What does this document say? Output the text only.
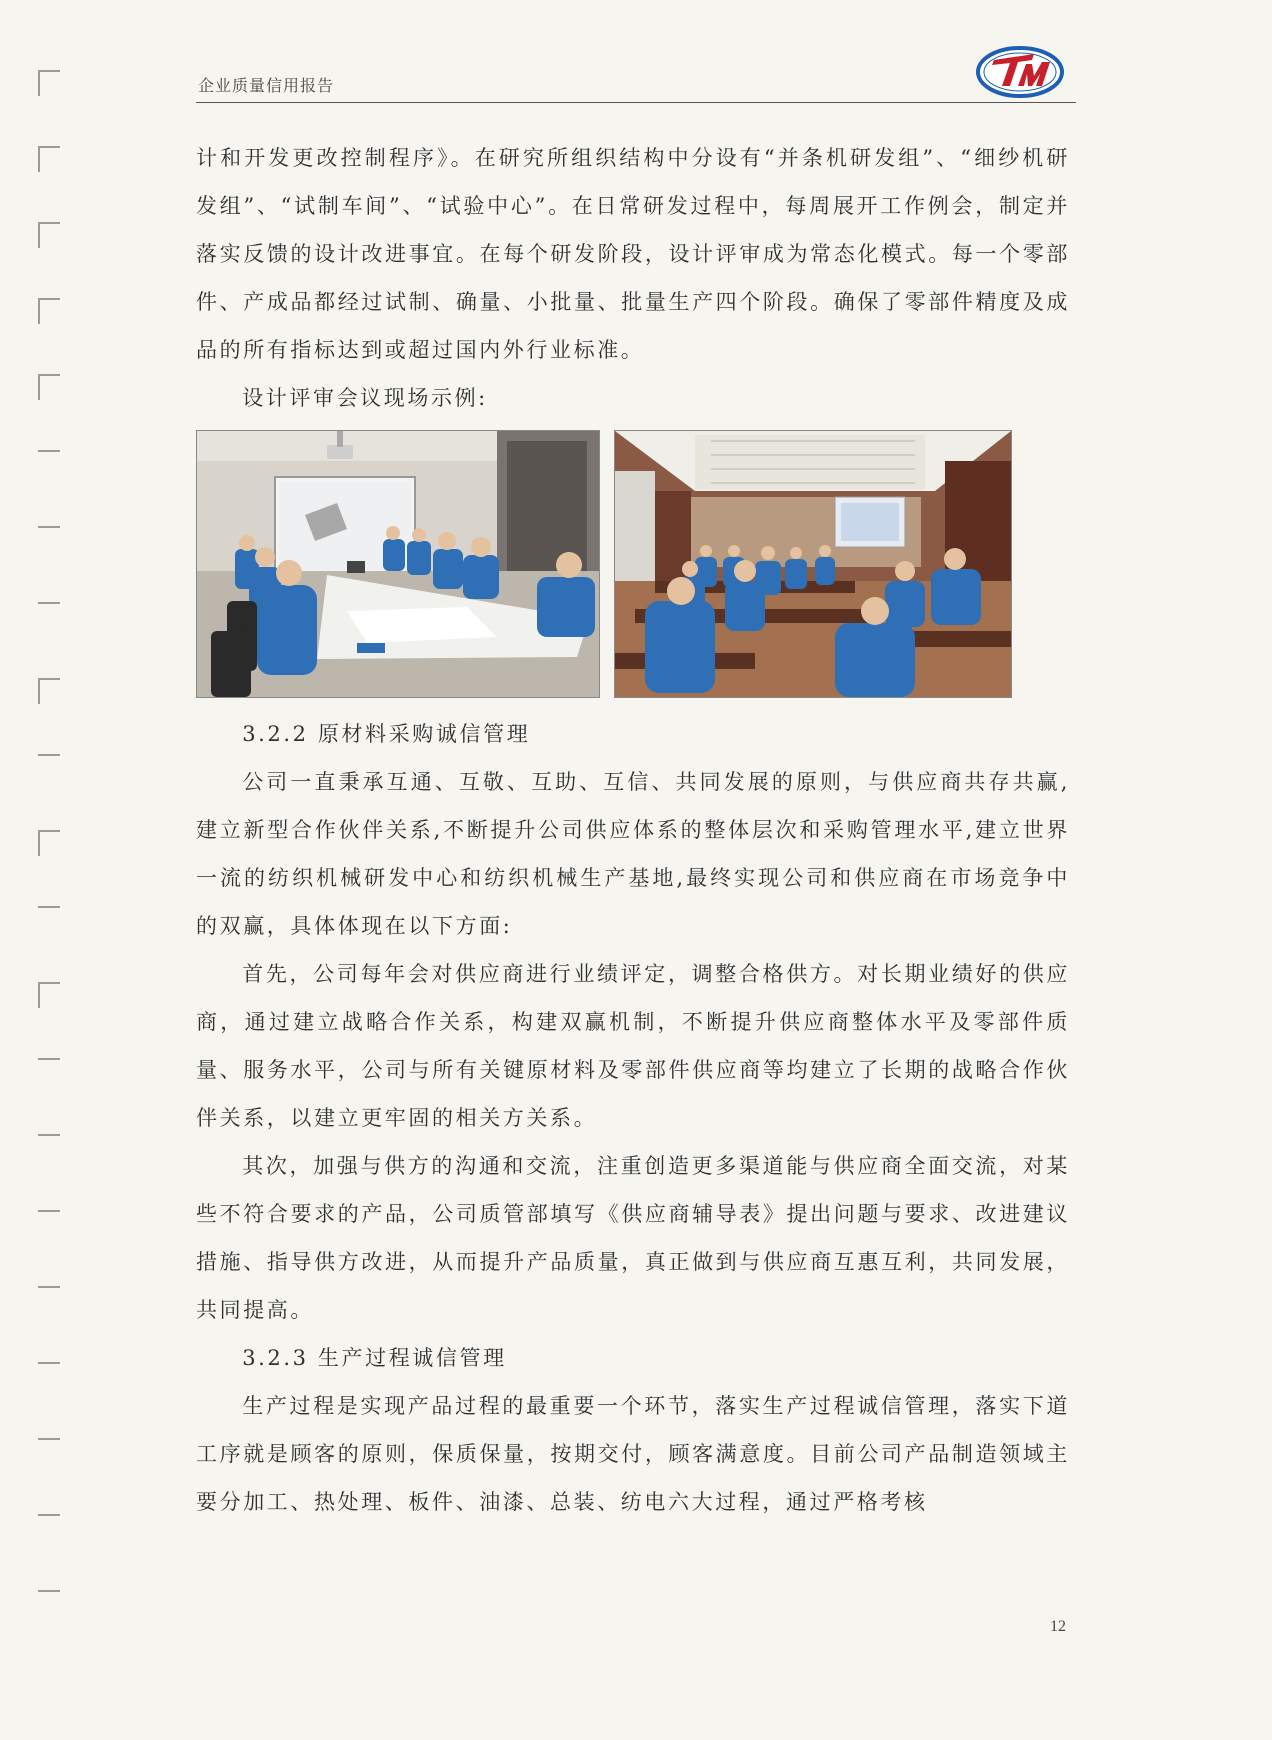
企业质量信用报告

计和开发更改控制程序》。在研究所组织结构中分设有“并条机研发组”、“细纱机研发组”、“试制车间”、“试验中心”。在日常研发过程中，每周展开工作例会，制定并落实反馈的设计改进事宜。在每个研发阶段，设计评审成为常态化模式。每一个零部件、产成品都经过试制、确量、小批量、批量生产四个阶段。确保了零部件精度及成品的所有指标达到或超过国内外行业标准。

设计评审会议现场示例:

3.2.2 原材料采购诚信管理

公司一直秉承互通、互敬、互助、互信、共同发展的原则，与供应商共存共赢,建立新型合作伙伴关系,不断提升公司供应体系的整体层次和采购管理水平,建立世界一流的纺织机械研发中心和纺织机械生产基地,最终实现公司和供应商在市场竞争中的双赢，具体体现在以下方面:

首先，公司每年会对供应商进行业绩评定，调整合格供方。对长期业绩好的供应商，通过建立战略合作关系，构建双赢机制，不断提升供应商整体水平及零部件质量、服务水平，公司与所有关键原材料及零部件供应商等均建立了长期的战略合作伙伴关系，以建立更牢固的相关方关系。

其次，加强与供方的沟通和交流，注重创造更多渠道能与供应商全面交流，对某些不符合要求的产品，公司质管部填写《供应商辅导表》提出问题与要求、改进建议措施、指导供方改进，从而提升产品质量，真正做到与供应商互惠互利，共同发展，共同提高。

3.2.3 生产过程诚信管理

生产过程是实现产品过程的最重要一个环节，落实生产过程诚信管理，落实下道工序就是顾客的原则，保质保量，按期交付，顾客满意度。目前公司产品制造领域主要分加工、热处理、板件、油漆、总装、纺电六大过程，通过严格考核

12
